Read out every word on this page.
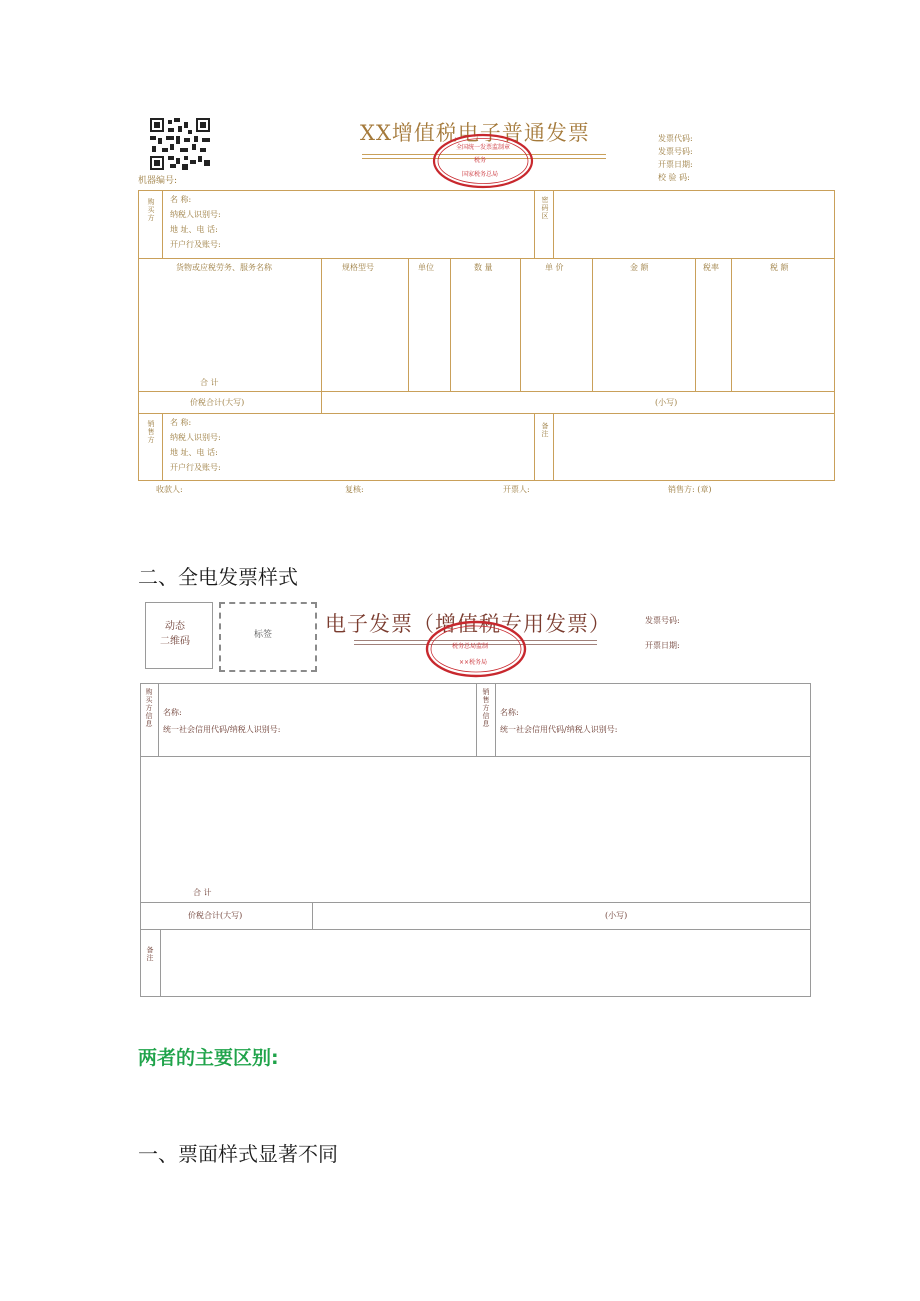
机器编号:
XX增值税电子普通发票	发票代码:
发票号码:
开票日期:
校 验 码:
全国统一发票监制章
税务
国家税务总局
购买方 名 称:
纳税人识别号:
地 址、电 话:
开户行及账号:
密码区
货物或应税劳务、服务名称	规格型号	单位	数 量	单 价	金 额	税率	税 额
合 计
价税合计(大写)	(小写)
销售方 名 称:
纳税人识别号:
地 址、电 话:
开户行及账号:
备注
收款人:	复核:	开票人:	销售方: (章)
二、全电发票样式
动态
二维码
标签	电子发票（增值税专用发票）	发票号码:
开票日期:
税务总局监制
××税务局
购买方信息 名称:
统一社会信用代码/纳税人识别号:
销售方信息 名称:
统一社会信用代码/纳税人识别号:
合 计
价税合计(大写)	(小写)
备注
两者的主要区别:
一、票面样式显著不同
